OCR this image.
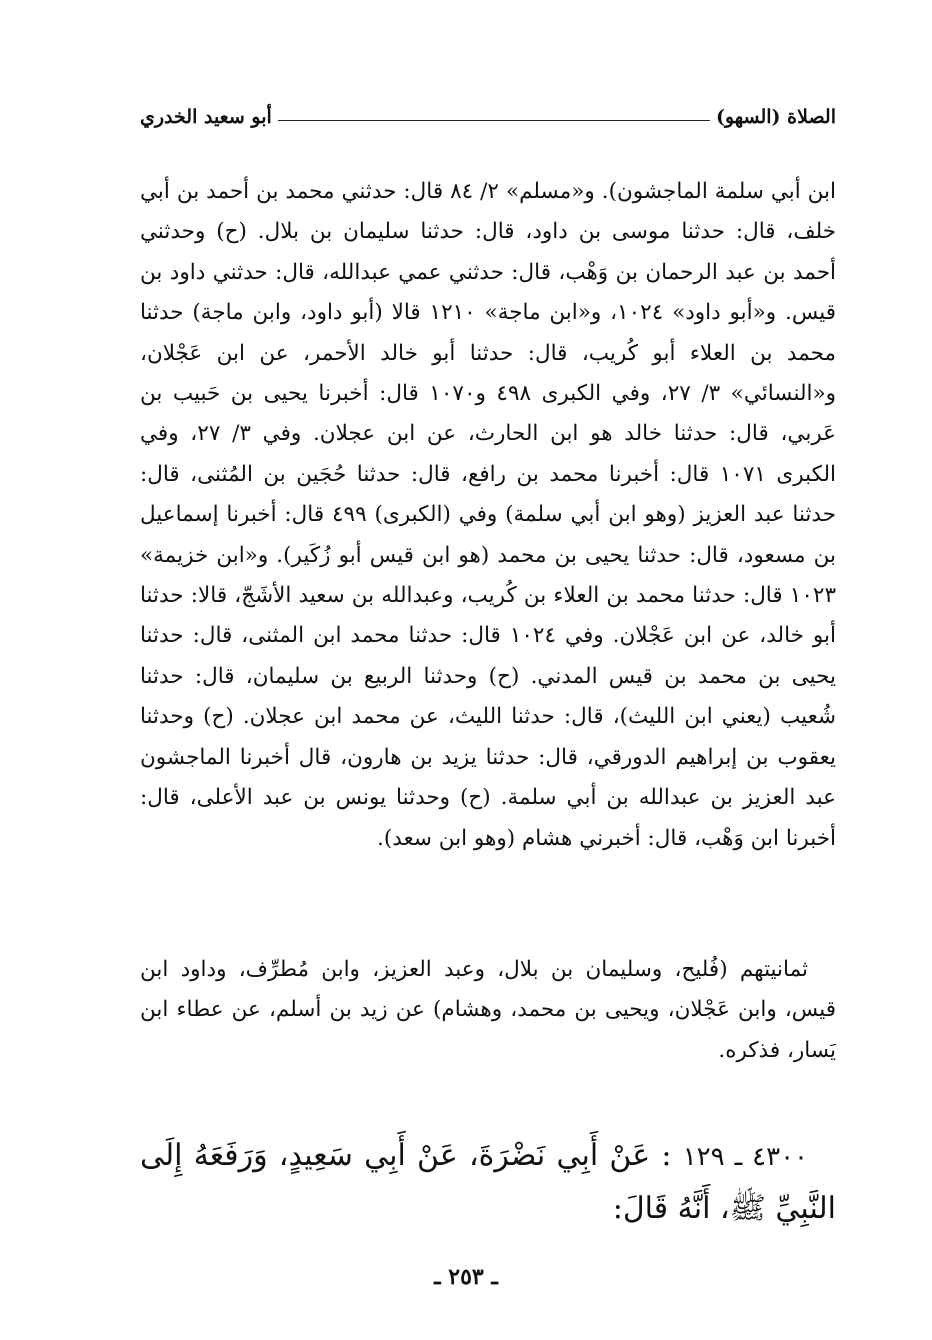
الصلاة (السهو)
أبو سعيد الخدري

ابن أبي سلمة الماجشون). و«مسلم» ٢/ ٨٤ قال: حدثني محمد بن أحمد بن أبي خلف، قال: حدثنا موسى بن داود، قال: حدثنا سليمان بن بلال. (ح) وحدثني أحمد بن عبد الرحمان بن وَهْب، قال: حدثني عمي عبدالله، قال: حدثني داود بن قيس. و«أبو داود» ١٠٢٤، و«ابن ماجة» ١٢١٠ قالا (أبو داود، وابن ماجة) حدثنا محمد بن العلاء أبو كُريب، قال: حدثنا أبو خالد الأحمر، عن ابن عَجْلان، و«النسائي» ٣/ ٢٧، وفي الكبرى ٤٩٨ و١٠٧٠ قال: أخبرنا يحيى بن حَبيب بن عَربي، قال: حدثنا خالد هو ابن الحارث، عن ابن عجلان. وفي ٣/ ٢٧، وفي الكبرى ١٠٧١ قال: أخبرنا محمد بن رافع، قال: حدثنا حُجَين بن المُثنى، قال: حدثنا عبد العزيز (وهو ابن أبي سلمة) وفي (الكبرى) ٤٩٩ قال: أخبرنا إسماعيل بن مسعود، قال: حدثنا يحيى بن محمد (هو ابن قيس أبو زُكَير). و«ابن خزيمة» ١٠٢٣ قال: حدثنا محمد بن العلاء بن كُريب، وعبدالله بن سعيد الأشَجّ، قالا: حدثنا أبو خالد، عن ابن عَجْلان. وفي ١٠٢٤ قال: حدثنا محمد ابن المثنى، قال: حدثنا يحيى بن محمد بن قيس المدني. (ح) وحدثنا الربيع بن سليمان، قال: حدثنا شُعيب (يعني ابن الليث)، قال: حدثنا الليث، عن محمد ابن عجلان. (ح) وحدثنا يعقوب بن إبراهيم الدورقي، قال: حدثنا يزيد بن هارون، قال أخبرنا الماجشون عبد العزيز بن عبدالله بن أبي سلمة. (ح) وحدثنا يونس بن عبد الأعلى، قال: أخبرنا ابن وَهْب، قال: أخبرني هشام (وهو ابن سعد).

ثمانيتهم (فُليح، وسليمان بن بلال، وعبد العزيز، وابن مُطرِّف، وداود ابن قيس، وابن عَجْلان، ويحيى بن محمد، وهشام) عن زيد بن أسلم، عن عطاء ابن يَسار، فذكره.
٤٣٠٠ ـ ١٢٩ : عَنْ أَبِي نَضْرَةَ، عَنْ أَبِي سَعِيدٍ، وَرَفَعَهُ إِلَى النَّبِيِّ ﷺ، أَنَّهُ قَالَ:
ـ ٢٥٣ ـ
